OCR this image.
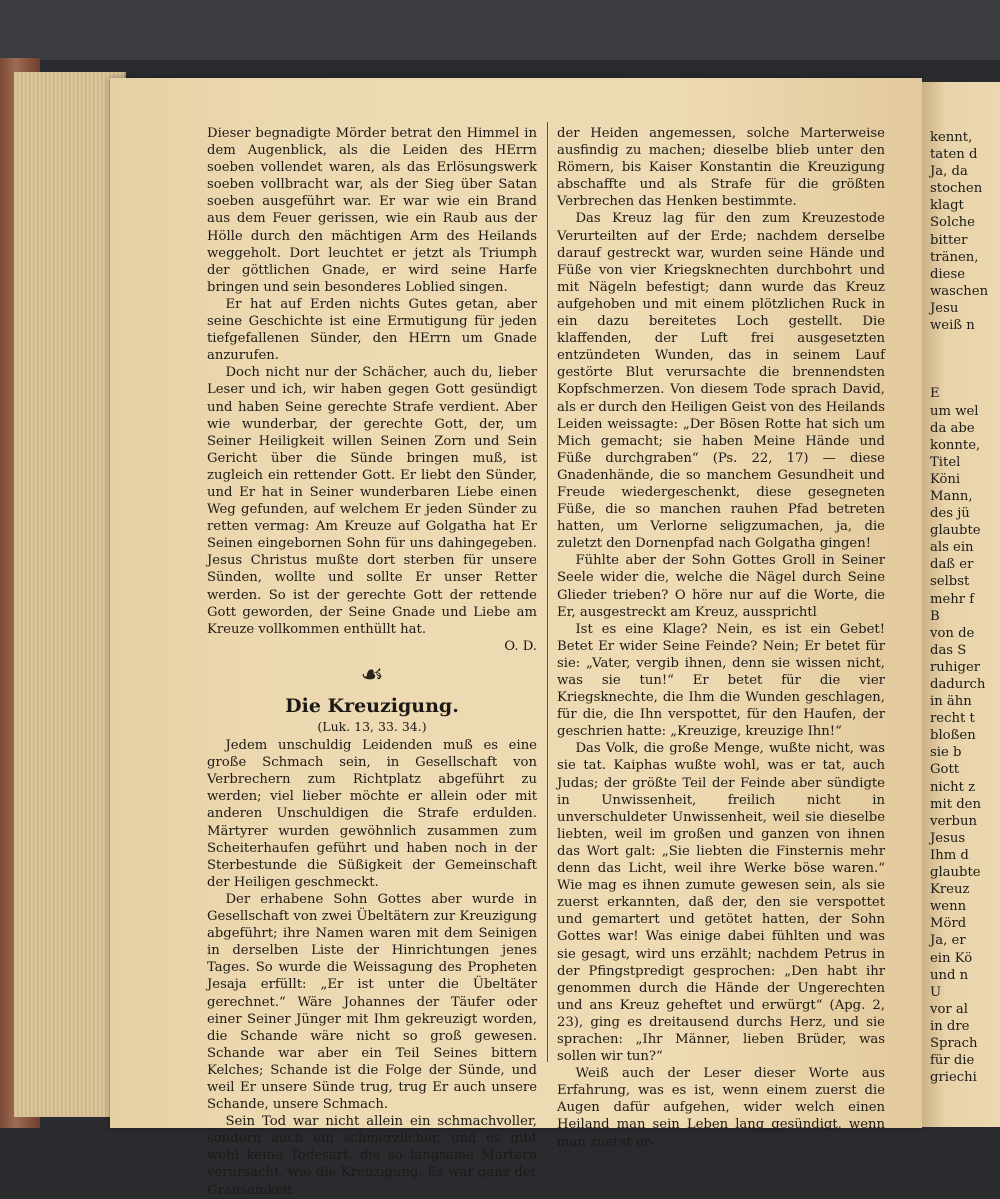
kennt,
taten d
Ja, da
stochen
klagt
Solche
bitter
tränen,
diese
waschen
Jesu
weiß n
E
um wel
da abe
konnte,
Titel
Köni
Mann,
des jü
glaubte
als ein
daß er
selbst
mehr f
B
von de
das S
ruhiger
dadurch
in ähn
recht t
bloßen
sie b
Gott
nicht z
mit den
verbun
Jesus
Ihm d
glaubte
Kreuz
wenn
Mörd
Ja, er
ein Kö
und n
U
vor al
in dre
Sprach
für die
griechi

Dieser begnadigte Mörder betrat den Himmel in dem Augenblick, als die Leiden des HErrn soeben vollendet waren, als das Erlösungswerk soeben vollbracht war, als der Sieg über Satan soeben ausgeführt war. Er war wie ein Brand aus dem Feuer gerissen, wie ein Raub aus der Hölle durch den mächtigen Arm des Heilands weggeholt. Dort leuchtet er jetzt als Triumph der göttlichen Gnade, er wird seine Harfe bringen und sein besonderes Loblied singen.

Er hat auf Erden nichts Gutes getan, aber seine Geschichte ist eine Ermutigung für jeden tiefgefallenen Sünder, den HErrn um Gnade anzurufen.

Doch nicht nur der Schächer, auch du, lieber Leser und ich, wir haben gegen Gott gesündigt und haben Seine gerechte Strafe verdient. Aber wie wunderbar, der gerechte Gott, der, um Seiner Heiligkeit willen Seinen Zorn und Sein Gericht über die Sünde bringen muß, ist zugleich ein rettender Gott. Er liebt den Sünder, und Er hat in Seiner wunderbaren Liebe einen Weg gefunden, auf welchem Er jeden Sünder zu retten vermag: Am Kreuze auf Golgatha hat Er Seinen eingebornen Sohn für uns dahingegeben. Jesus Christus mußte dort sterben für unsere Sünden, wollte und sollte Er unser Retter werden. So ist der gerechte Gott der rettende Gott geworden, der Seine Gnade und Liebe am Kreuze vollkommen enthüllt hat.

O. D.

☙
Die Kreuzigung.
(Luk. 13, 33. 34.)

Jedem unschuldig Leidenden muß es eine große Schmach sein, in Gesellschaft von Verbrechern zum Richtplatz abgeführt zu werden; viel lieber möchte er allein oder mit anderen Unschuldigen die Strafe erdulden. Märtyrer wurden gewöhnlich zusammen zum Scheiterhaufen geführt und haben noch in der Sterbestunde die Süßigkeit der Gemeinschaft der Heiligen geschmeckt.

Der erhabene Sohn Gottes aber wurde in Gesellschaft von zwei Übeltätern zur Kreuzigung abgeführt; ihre Namen waren mit dem Seinigen in derselben Liste der Hinrichtungen jenes Tages. So wurde die Weissagung des Propheten Jesaja erfüllt: „Er ist unter die Übeltäter gerechnet.“ Wäre Johannes der Täufer oder einer Seiner Jünger mit Ihm gekreuzigt worden, die Schande wäre nicht so groß gewesen. Schande war aber ein Teil Seines bittern Kelches; Schande ist die Folge der Sünde, und weil Er unsere Sünde trug, trug Er auch unsere Schande, unsere Schmach.

Sein Tod war nicht allein ein schmachvoller, sondern auch ein schmerzlicher, und es gibt wohl keine Todesart, die so langsame Martern verursacht, wie die Kreuzigung. Es war ganz der Grausamkeit

der Heiden angemessen, solche Marterweise ausfindig zu machen; dieselbe blieb unter den Römern, bis Kaiser Konstantin die Kreuzigung abschaffte und als Strafe für die größten Verbrechen das Henken bestimmte.

Das Kreuz lag für den zum Kreuzestode Verurteilten auf der Erde; nachdem derselbe darauf gestreckt war, wurden seine Hände und Füße von vier Kriegsknechten durchbohrt und mit Nägeln befestigt; dann wurde das Kreuz aufgehoben und mit einem plötzlichen Ruck in ein dazu bereitetes Loch gestellt. Die klaffenden, der Luft frei ausgesetzten entzündeten Wunden, das in seinem Lauf gestörte Blut verursachte die brennendsten Kopfschmerzen. Von diesem Tode sprach David, als er durch den Heiligen Geist von des Heilands Leiden weissagte: „Der Bösen Rotte hat sich um Mich gemacht; sie haben Meine Hände und Füße durchgraben“ (Ps. 22, 17) — diese Gnadenhände, die so manchem Gesundheit und Freude wiedergeschenkt, diese gesegneten Füße, die so manchen rauhen Pfad betreten hatten, um Verlorne seligzumachen, ja, die zuletzt den Dornenpfad nach Golgatha gingen!

Fühlte aber der Sohn Gottes Groll in Seiner Seele wider die, welche die Nägel durch Seine Glieder trieben? O höre nur auf die Worte, die Er, ausgestreckt am Kreuz, aussprichtl

Ist es eine Klage? Nein, es ist ein Gebet! Betet Er wider Seine Feinde? Nein; Er betet für sie: „Vater, vergib ihnen, denn sie wissen nicht, was sie tun!“ Er betet für die vier Kriegsknechte, die Ihm die Wunden geschlagen, für die, die Ihn verspottet, für den Haufen, der geschrien hatte: „Kreuzige, kreuzige Ihn!“

Das Volk, die große Menge, wußte nicht, was sie tat. Kaiphas wußte wohl, was er tat, auch Judas; der größte Teil der Feinde aber sündigte in Unwissenheit, freilich nicht in unverschuldeter Unwissenheit, weil sie dieselbe liebten, weil im großen und ganzen von ihnen das Wort galt: „Sie liebten die Finsternis mehr denn das Licht, weil ihre Werke böse waren.“ Wie mag es ihnen zumute gewesen sein, als sie zuerst erkannten, daß der, den sie verspottet und gemartert und getötet hatten, der Sohn Gottes war! Was einige dabei fühlten und was sie gesagt, wird uns erzählt; nachdem Petrus in der Pfingstpredigt gesprochen: „Den habt ihr genommen durch die Hände der Ungerechten und ans Kreuz geheftet und erwürgt“ (Apg. 2, 23), ging es dreitausend durchs Herz, und sie sprachen: „Ihr Männer, lieben Brüder, was sollen wir tun?“

Weiß auch der Leser dieser Worte aus Erfahrung, was es ist, wenn einem zuerst die Augen dafür aufgehen, wider welch einen Heiland man sein Leben lang gesündigt, wenn man zuerst er-
